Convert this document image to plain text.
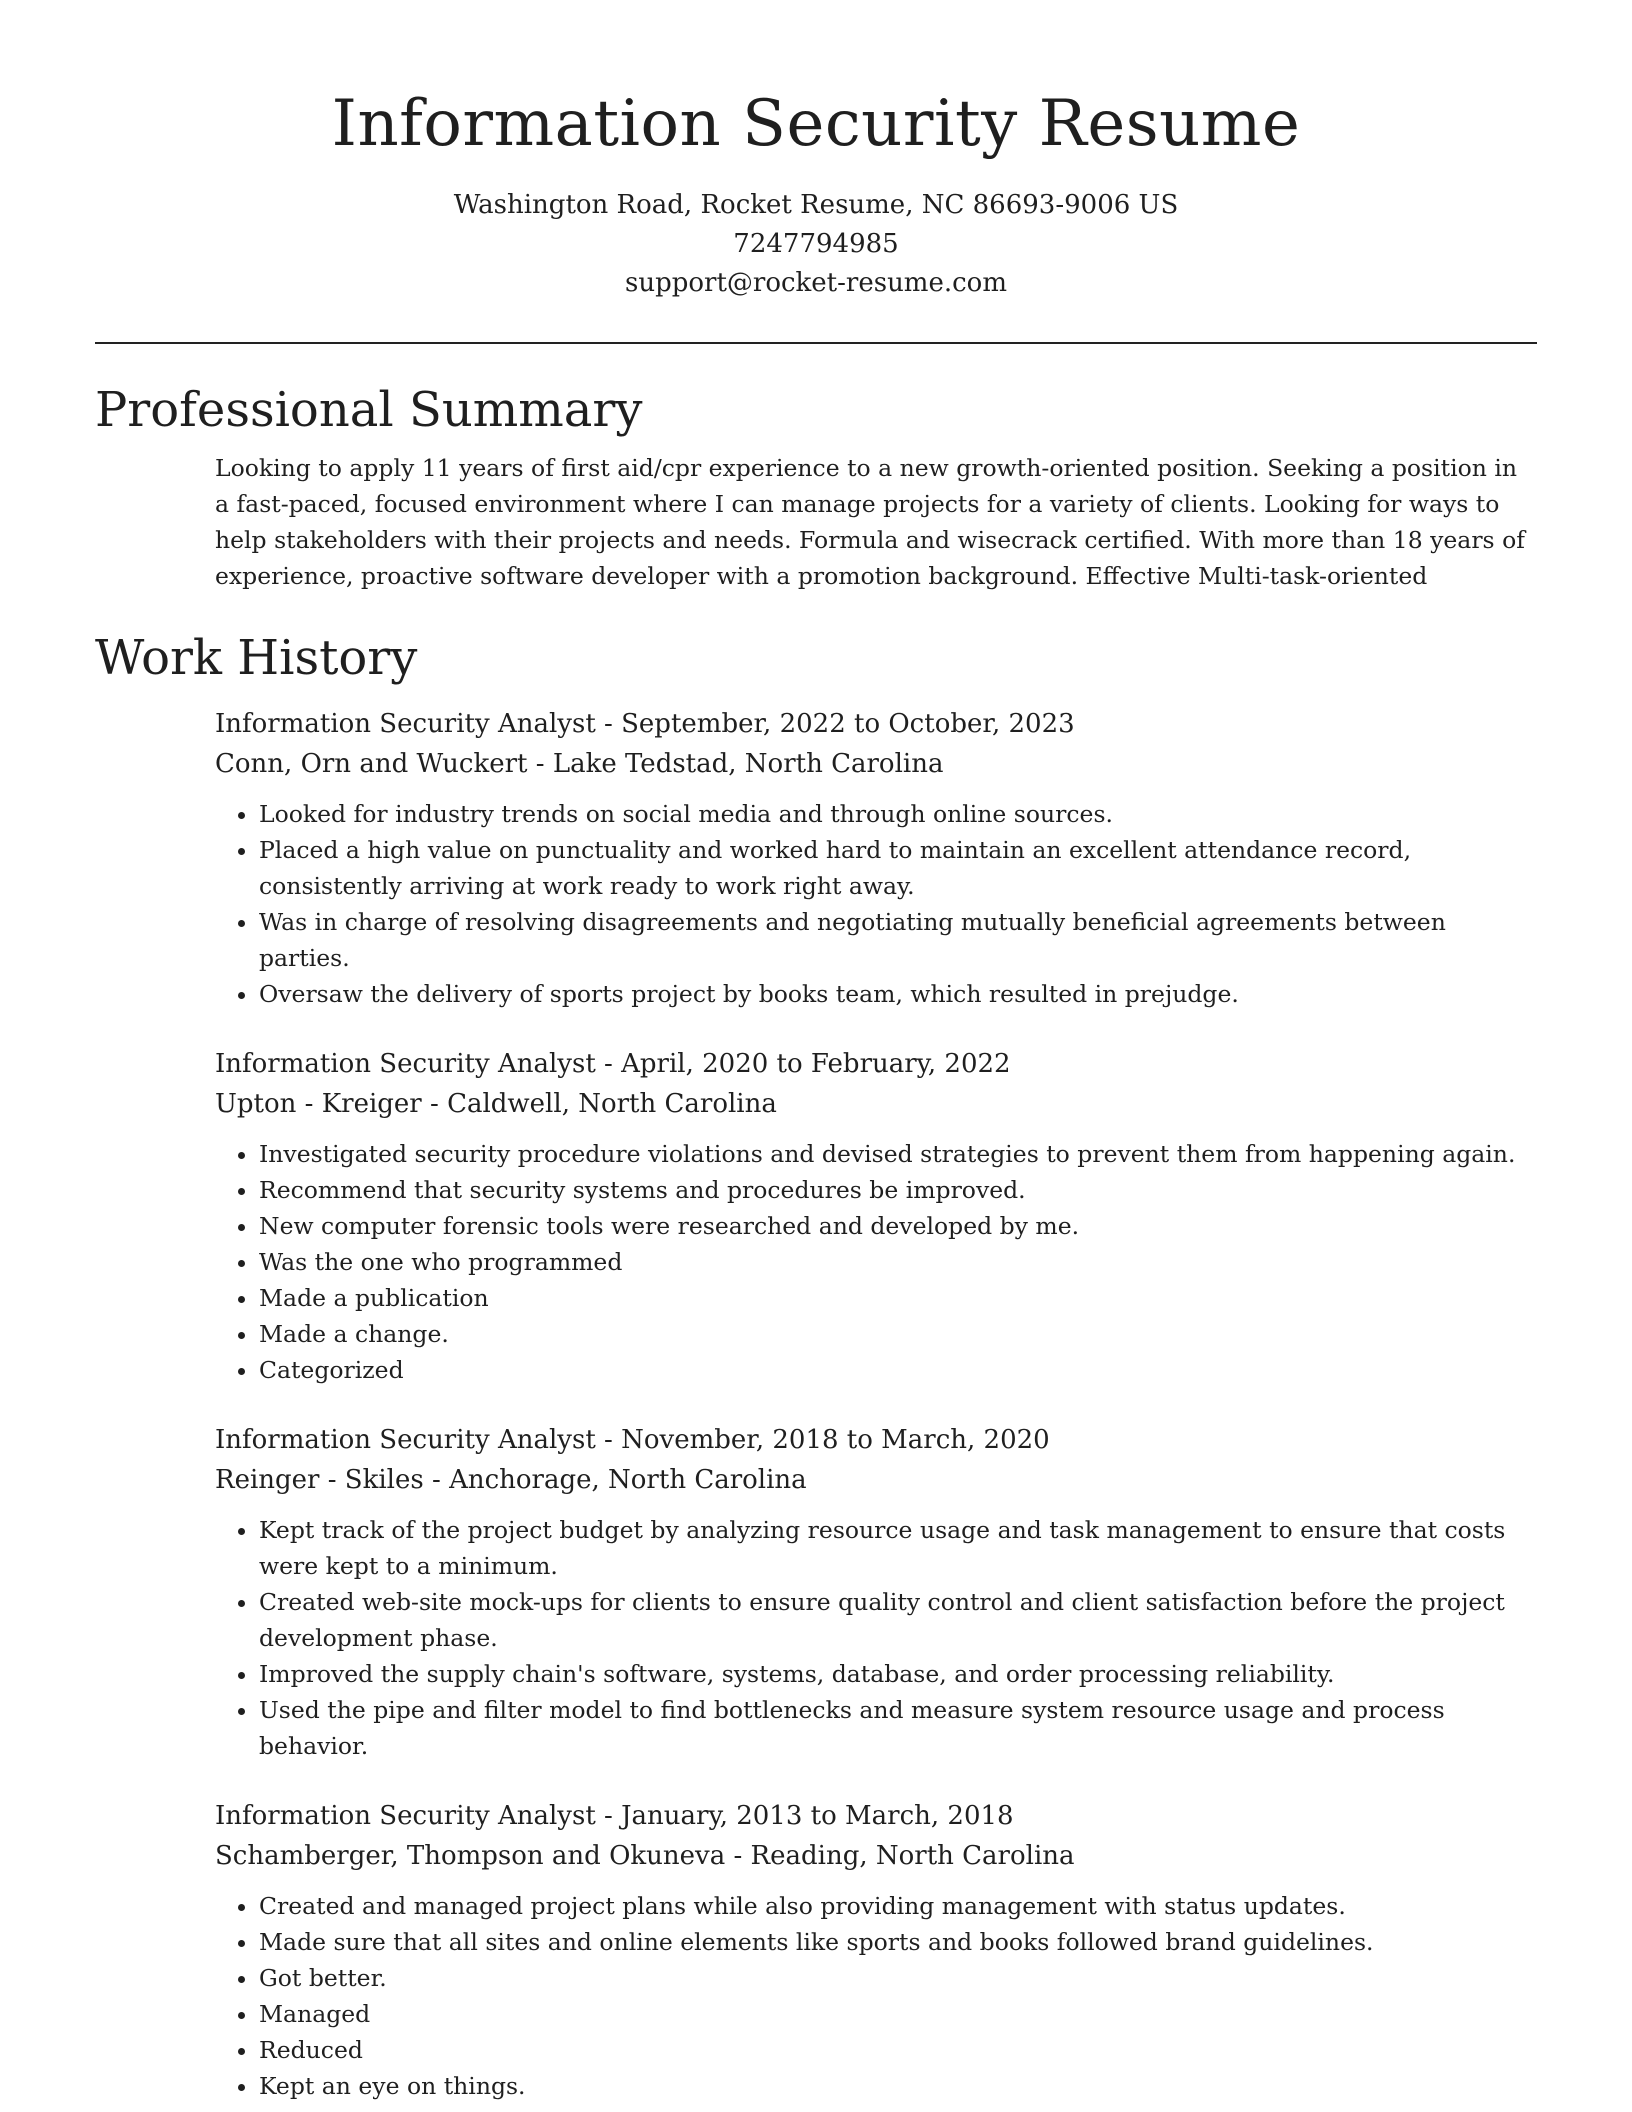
Information Security Resume
Washington Road, Rocket Resume, NC 86693-9006 US
7247794985
support@rocket-resume.com
Professional Summary

Looking to apply 11 years of first aid/cpr experience to a new growth-oriented position. Seeking a position in a fast-paced, focused environment where I can manage projects for a variety of clients. Looking for ways to help stakeholders with their projects and needs. Formula and wisecrack certified. With more than 18 years of experience, proactive software developer with a promotion background. Effective Multi-task-oriented

Work History
Information Security Analyst - September, 2022 to October, 2023
Conn, Orn and Wuckert - Lake Tedstad, North Carolina
• Looked for industry trends on social media and through online sources.
• Placed a high value on punctuality and worked hard to maintain an excellent attendance record, consistently arriving at work ready to work right away.
• Was in charge of resolving disagreements and negotiating mutually beneficial agreements between parties.
• Oversaw the delivery of sports project by books team, which resulted in prejudge.
Information Security Analyst - April, 2020 to February, 2022
Upton - Kreiger - Caldwell, North Carolina
• Investigated security procedure violations and devised strategies to prevent them from happening again.
• Recommend that security systems and procedures be improved.
• New computer forensic tools were researched and developed by me.
• Was the one who programmed
• Made a publication
• Made a change.
• Categorized
Information Security Analyst - November, 2018 to March, 2020
Reinger - Skiles - Anchorage, North Carolina
• Kept track of the project budget by analyzing resource usage and task management to ensure that costs were kept to a minimum.
• Created web-site mock-ups for clients to ensure quality control and client satisfaction before the project development phase.
• Improved the supply chain's software, systems, database, and order processing reliability.
• Used the pipe and filter model to find bottlenecks and measure system resource usage and process behavior.
Information Security Analyst - January, 2013 to March, 2018
Schamberger, Thompson and Okuneva - Reading, North Carolina
• Created and managed project plans while also providing management with status updates.
• Made sure that all sites and online elements like sports and books followed brand guidelines.
• Got better.
• Managed
• Reduced
• Kept an eye on things.
